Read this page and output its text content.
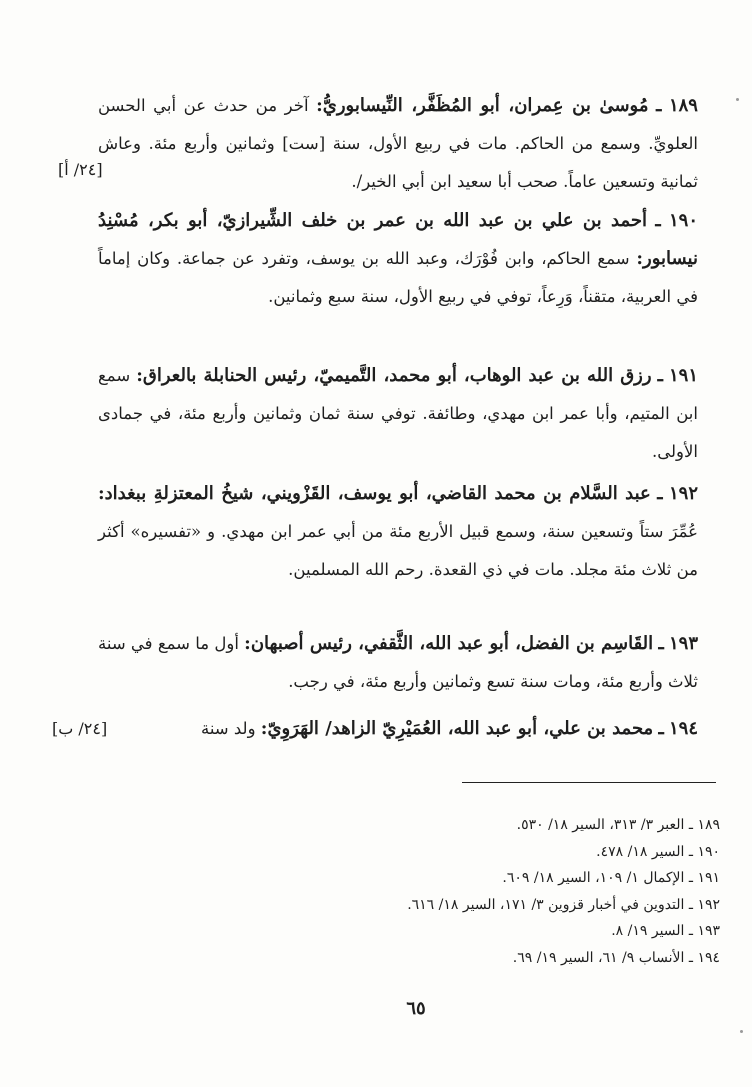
١٨٩ ـ مُوسىٰ بن عِمران، أبو المُظَفَّر، النِّيسابوريُّ: آخر من حدث عن أبي الحسن العلويِّ. وسمع من الحاكم. مات في ربيع الأول، سنة [ست] وثمانين وأربع مئة. وعاش ثمانية وتسعين عاماً. صحب أبا سعيد ابن أبي الخير/.

[٢٤/ أ]

١٩٠ ـ أحمد بن علي بن عبد الله بن عمر بن خلف الشِّيرازيّ، أبو بكر، مُسْنِدُ نيسابور: سمع الحاكم، وابن فُوْرَك، وعبد الله بن يوسف، وتفرد عن جماعة. وكان إماماً في العربية، متقناً، وَرِعاً، توفي في ربيع الأول، سنة سبع وثمانين.

١٩١ ـ رزق الله بن عبد الوهاب، أبو محمد، التَّميميّ، رئيس الحنابلة بالعراق: سمع ابن المتيم، وأبا عمر ابن مهدي، وطائفة. توفي سنة ثمان وثمانين وأربع مئة، في جمادى الأولى.

١٩٢ ـ عبد السَّلام بن محمد القاضي، أبو يوسف، القَزْويني، شيخُ المعتزلةِ ببغداد: عُمِّرَ ستاً وتسعين سنة، وسمع قبيل الأربع مئة من أبي عمر ابن مهدي. و «تفسيره» أكثر من ثلاث مئة مجلد. مات في ذي القعدة. رحم الله المسلمين.

١٩٣ ـ القَاسِم بن الفضل، أبو عبد الله، الثَّقفي، رئيس أصبهان: أول ما سمع في سنة ثلاث وأربع مئة، ومات سنة تسع وثمانين وأربع مئة، في رجب.

١٩٤ ـ محمد بن علي، أبو عبد الله، العُمَيْرِيّ الزاهد/ الهَرَوِيّ: ولد سنة

[٢٤/ ب]
١٨٩ ـ العبر ٣/ ٣١٣، السير ١٨/ ٥٣٠.
١٩٠ ـ السير ١٨/ ٤٧٨.
١٩١ ـ الإكمال ١/ ١٠٩، السير ١٨/ ٦٠٩.
١٩٢ ـ التدوين في أخبار قزوين ٣/ ١٧١، السير ١٨/ ٦١٦.
١٩٣ ـ السير ١٩/ ٨.
١٩٤ ـ الأنساب ٩/ ٦١، السير ١٩/ ٦٩.
٦٥
